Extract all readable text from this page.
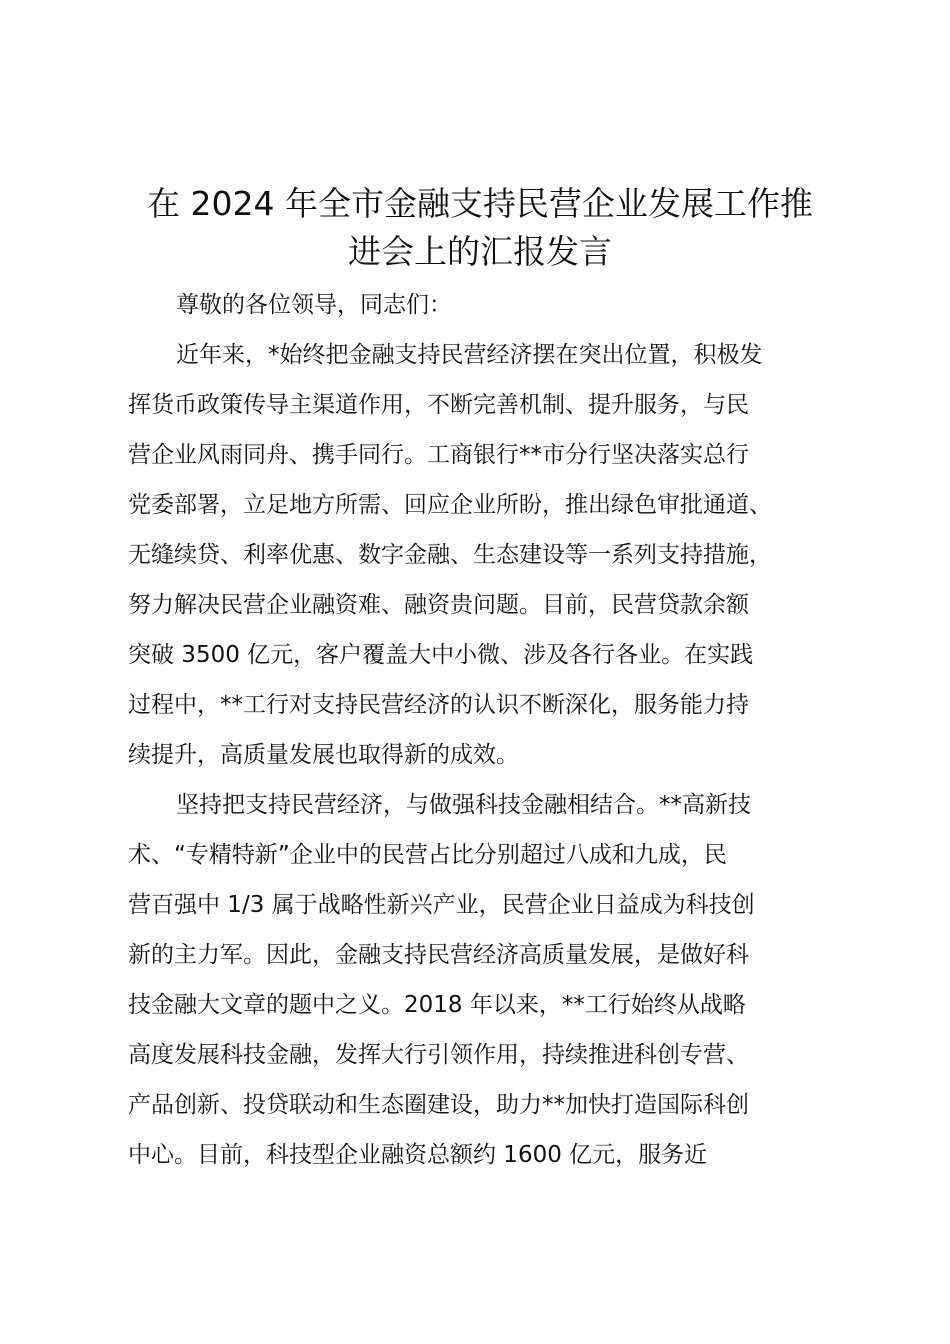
在 2024 年全市金融支持民营企业发展工作推
进会上的汇报发言
尊敬的各位领导，同志们：
近年来，*始终把金融支持民营经济摆在突出位置，积极发
挥货币政策传导主渠道作用，不断完善机制、提升服务，与民
营企业风雨同舟、携手同行。工商银行**市分行坚决落实总行
党委部署，立足地方所需、回应企业所盼，推出绿色审批通道、
无缝续贷、利率优惠、数字金融、生态建设等一系列支持措施，
努力解决民营企业融资难、融资贵问题。目前，民营贷款余额
突破 3500 亿元，客户覆盖大中小微、涉及各行各业。在实践
过程中，**工行对支持民营经济的认识不断深化，服务能力持
续提升，高质量发展也取得新的成效。
坚持把支持民营经济，与做强科技金融相结合。**高新技
术、“专精特新”企业中的民营占比分别超过八成和九成，民
营百强中 1/3 属于战略性新兴产业，民营企业日益成为科技创
新的主力军。因此，金融支持民营经济高质量发展，是做好科
技金融大文章的题中之义。2018 年以来，**工行始终从战略
高度发展科技金融，发挥大行引领作用，持续推进科创专营、
产品创新、投贷联动和生态圈建设，助力**加快打造国际科创
中心。目前，科技型企业融资总额约 1600 亿元，服务近
